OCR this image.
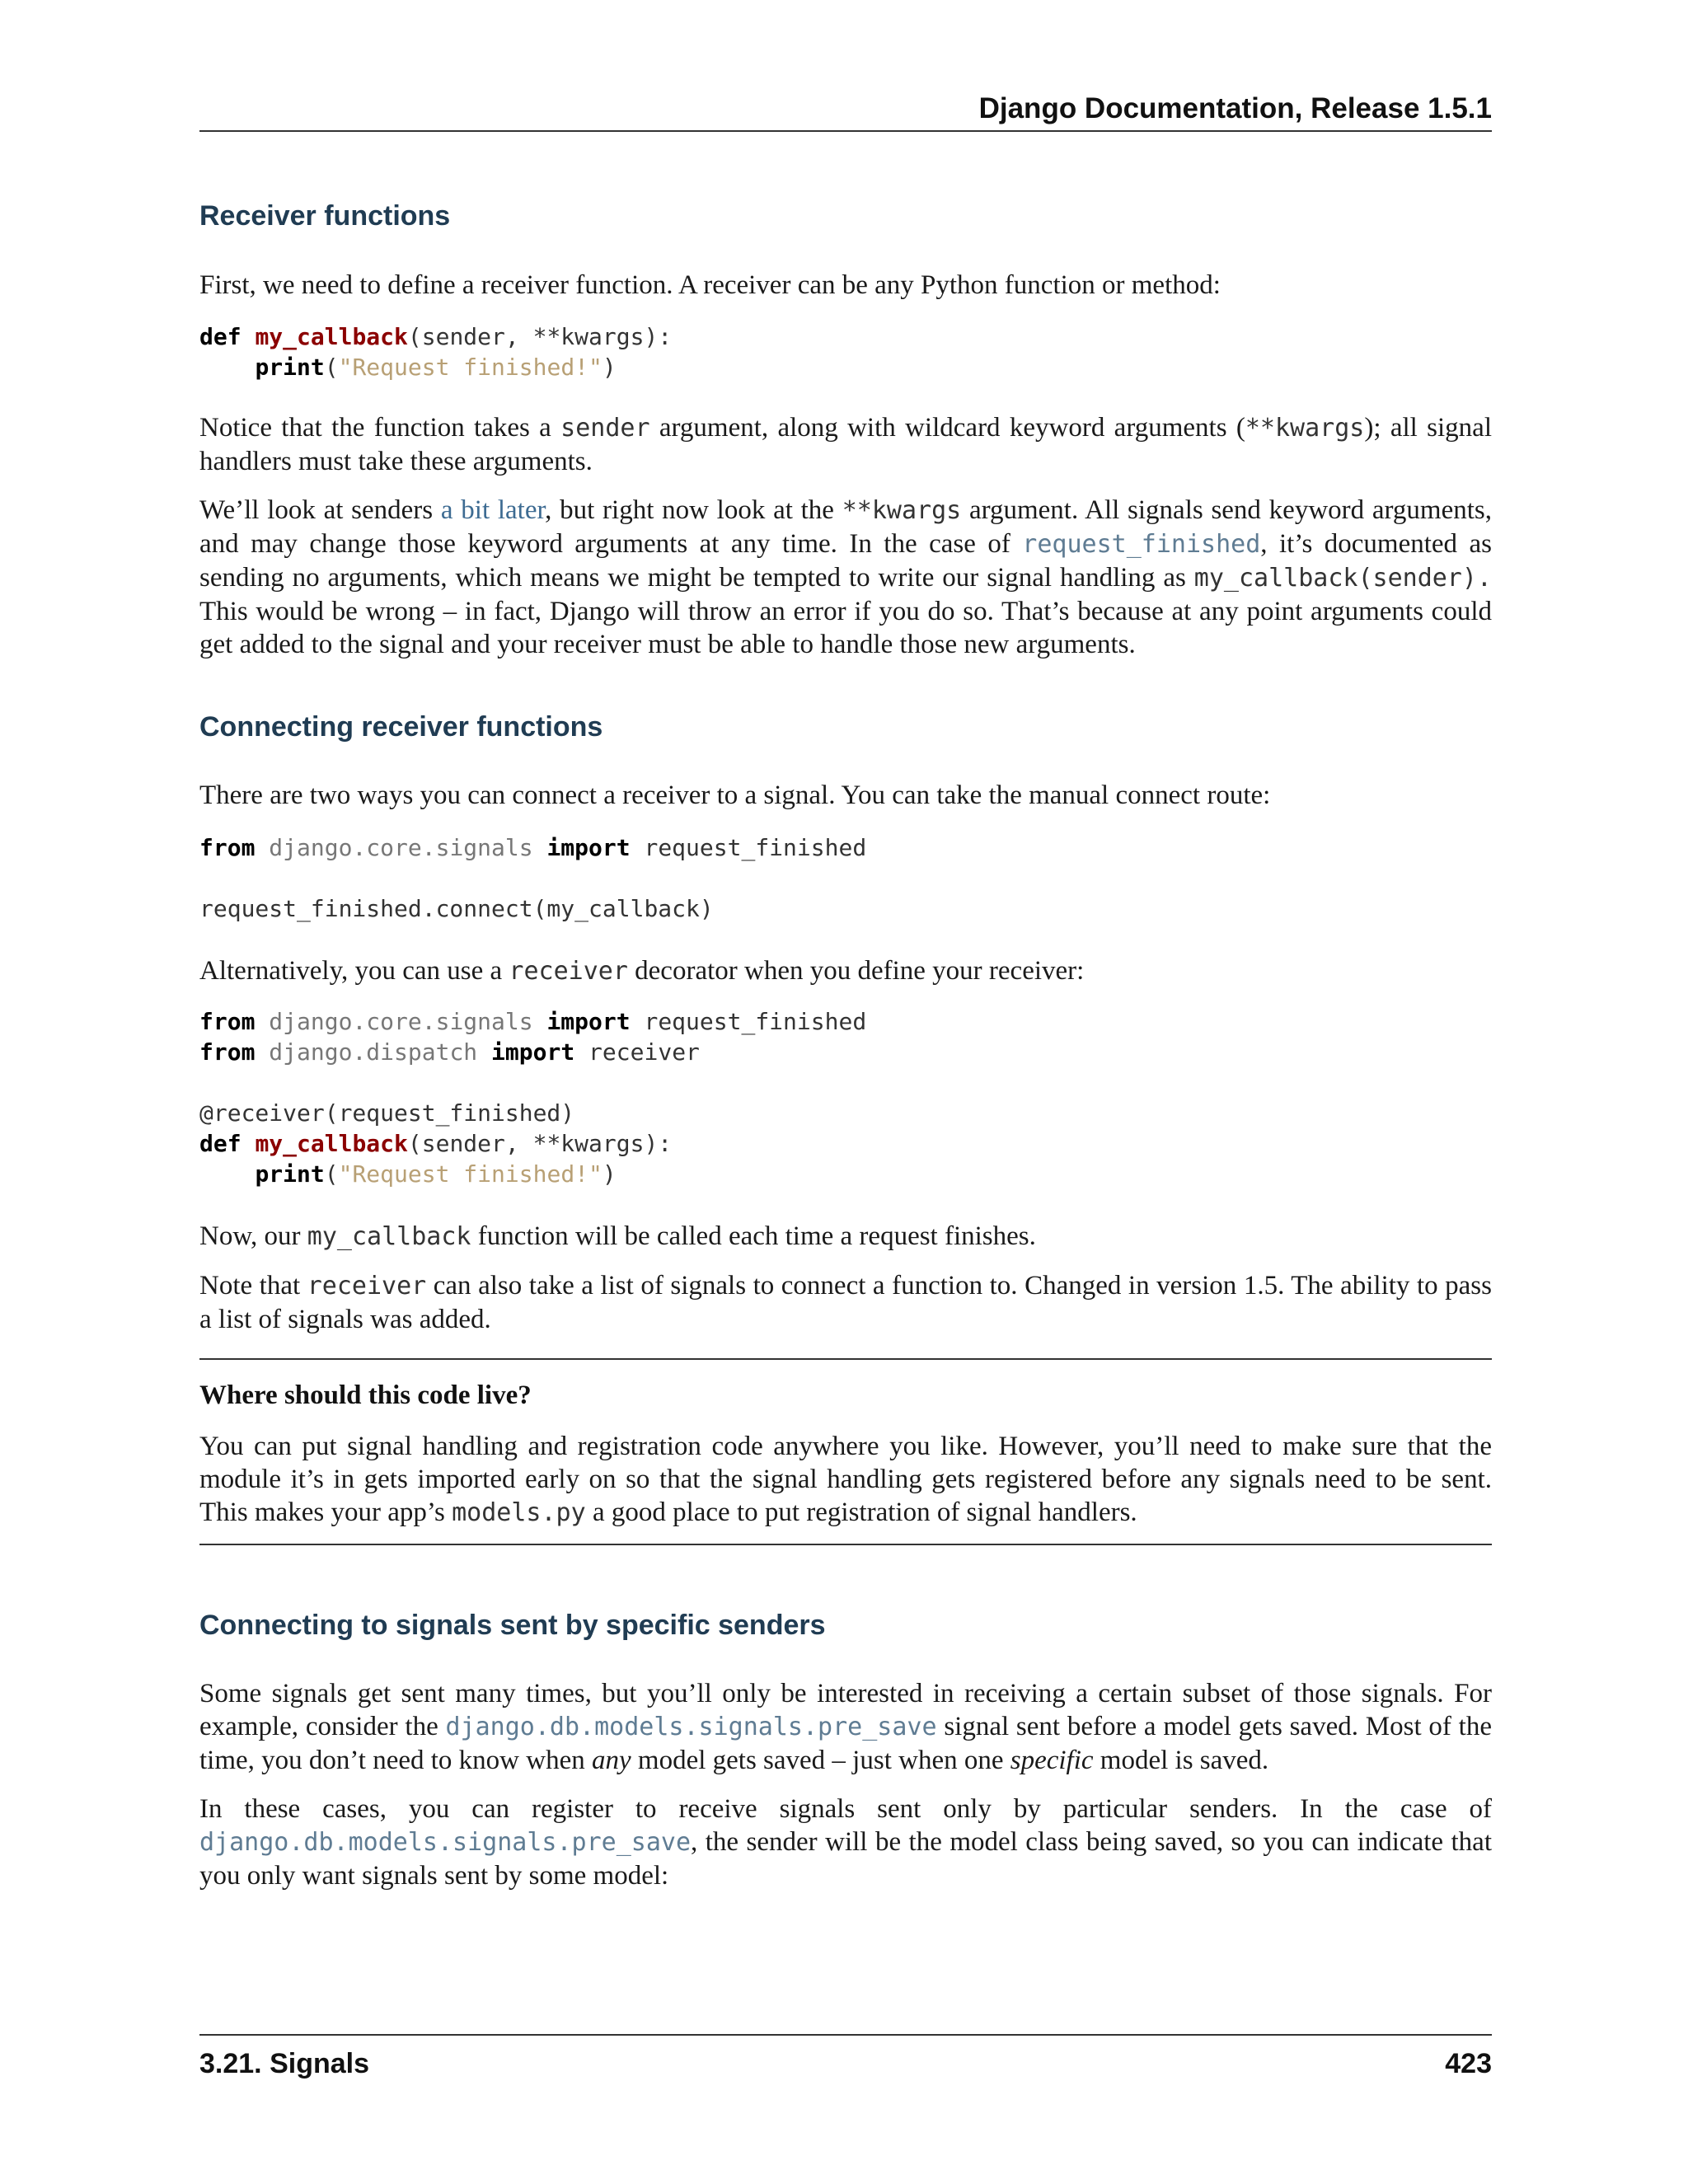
Django Documentation, Release 1.5.1
Receiver functions

First, we need to define a receiver function. A receiver can be any Python function or method:

def my_callback(sender, **kwargs):
print("Request finished!")

Notice that the function takes a sender argument, along with wildcard keyword arguments (**kwargs); all signal handlers must take these arguments.

We’ll look at senders a bit later, but right now look at the **kwargs argument. All signals send keyword arguments, and may change those keyword arguments at any time. In the case of request_finished, it’s documented as sending no arguments, which means we might be tempted to write our signal handling as my_callback(sender). This would be wrong – in fact, Django will throw an error if you do so. That’s because at any point arguments could get added to the signal and your receiver must be able to handle those new arguments.

Connecting receiver functions

There are two ways you can connect a receiver to a signal. You can take the manual connect route:

from django.core.signals import request_finished

request_finished.connect(my_callback)

Alternatively, you can use a receiver decorator when you define your receiver:

from django.core.signals import request_finished
from django.dispatch import receiver

@receiver(request_finished)
def my_callback(sender, **kwargs):
print("Request finished!")

Now, our my_callback function will be called each time a request finishes.

Note that receiver can also take a list of signals to connect a function to. Changed in version 1.5. The ability to pass a list of signals was added.

Where should this code live?

You can put signal handling and registration code anywhere you like. However, you’ll need to make sure that the module it’s in gets imported early on so that the signal handling gets registered before any signals need to be sent. This makes your app’s models.py a good place to put registration of signal handlers.

Connecting to signals sent by specific senders

Some signals get sent many times, but you’ll only be interested in receiving a certain subset of those signals. For example, consider the django.db.models.signals.pre_save signal sent before a model gets saved. Most of the time, you don’t need to know when any model gets saved – just when one specific model is saved.

In these cases, you can register to receive signals sent only by particular senders. In the case of django.db.models.signals.pre_save, the sender will be the model class being saved, so you can indicate that you only want signals sent by some model:

3.21. Signals	423
